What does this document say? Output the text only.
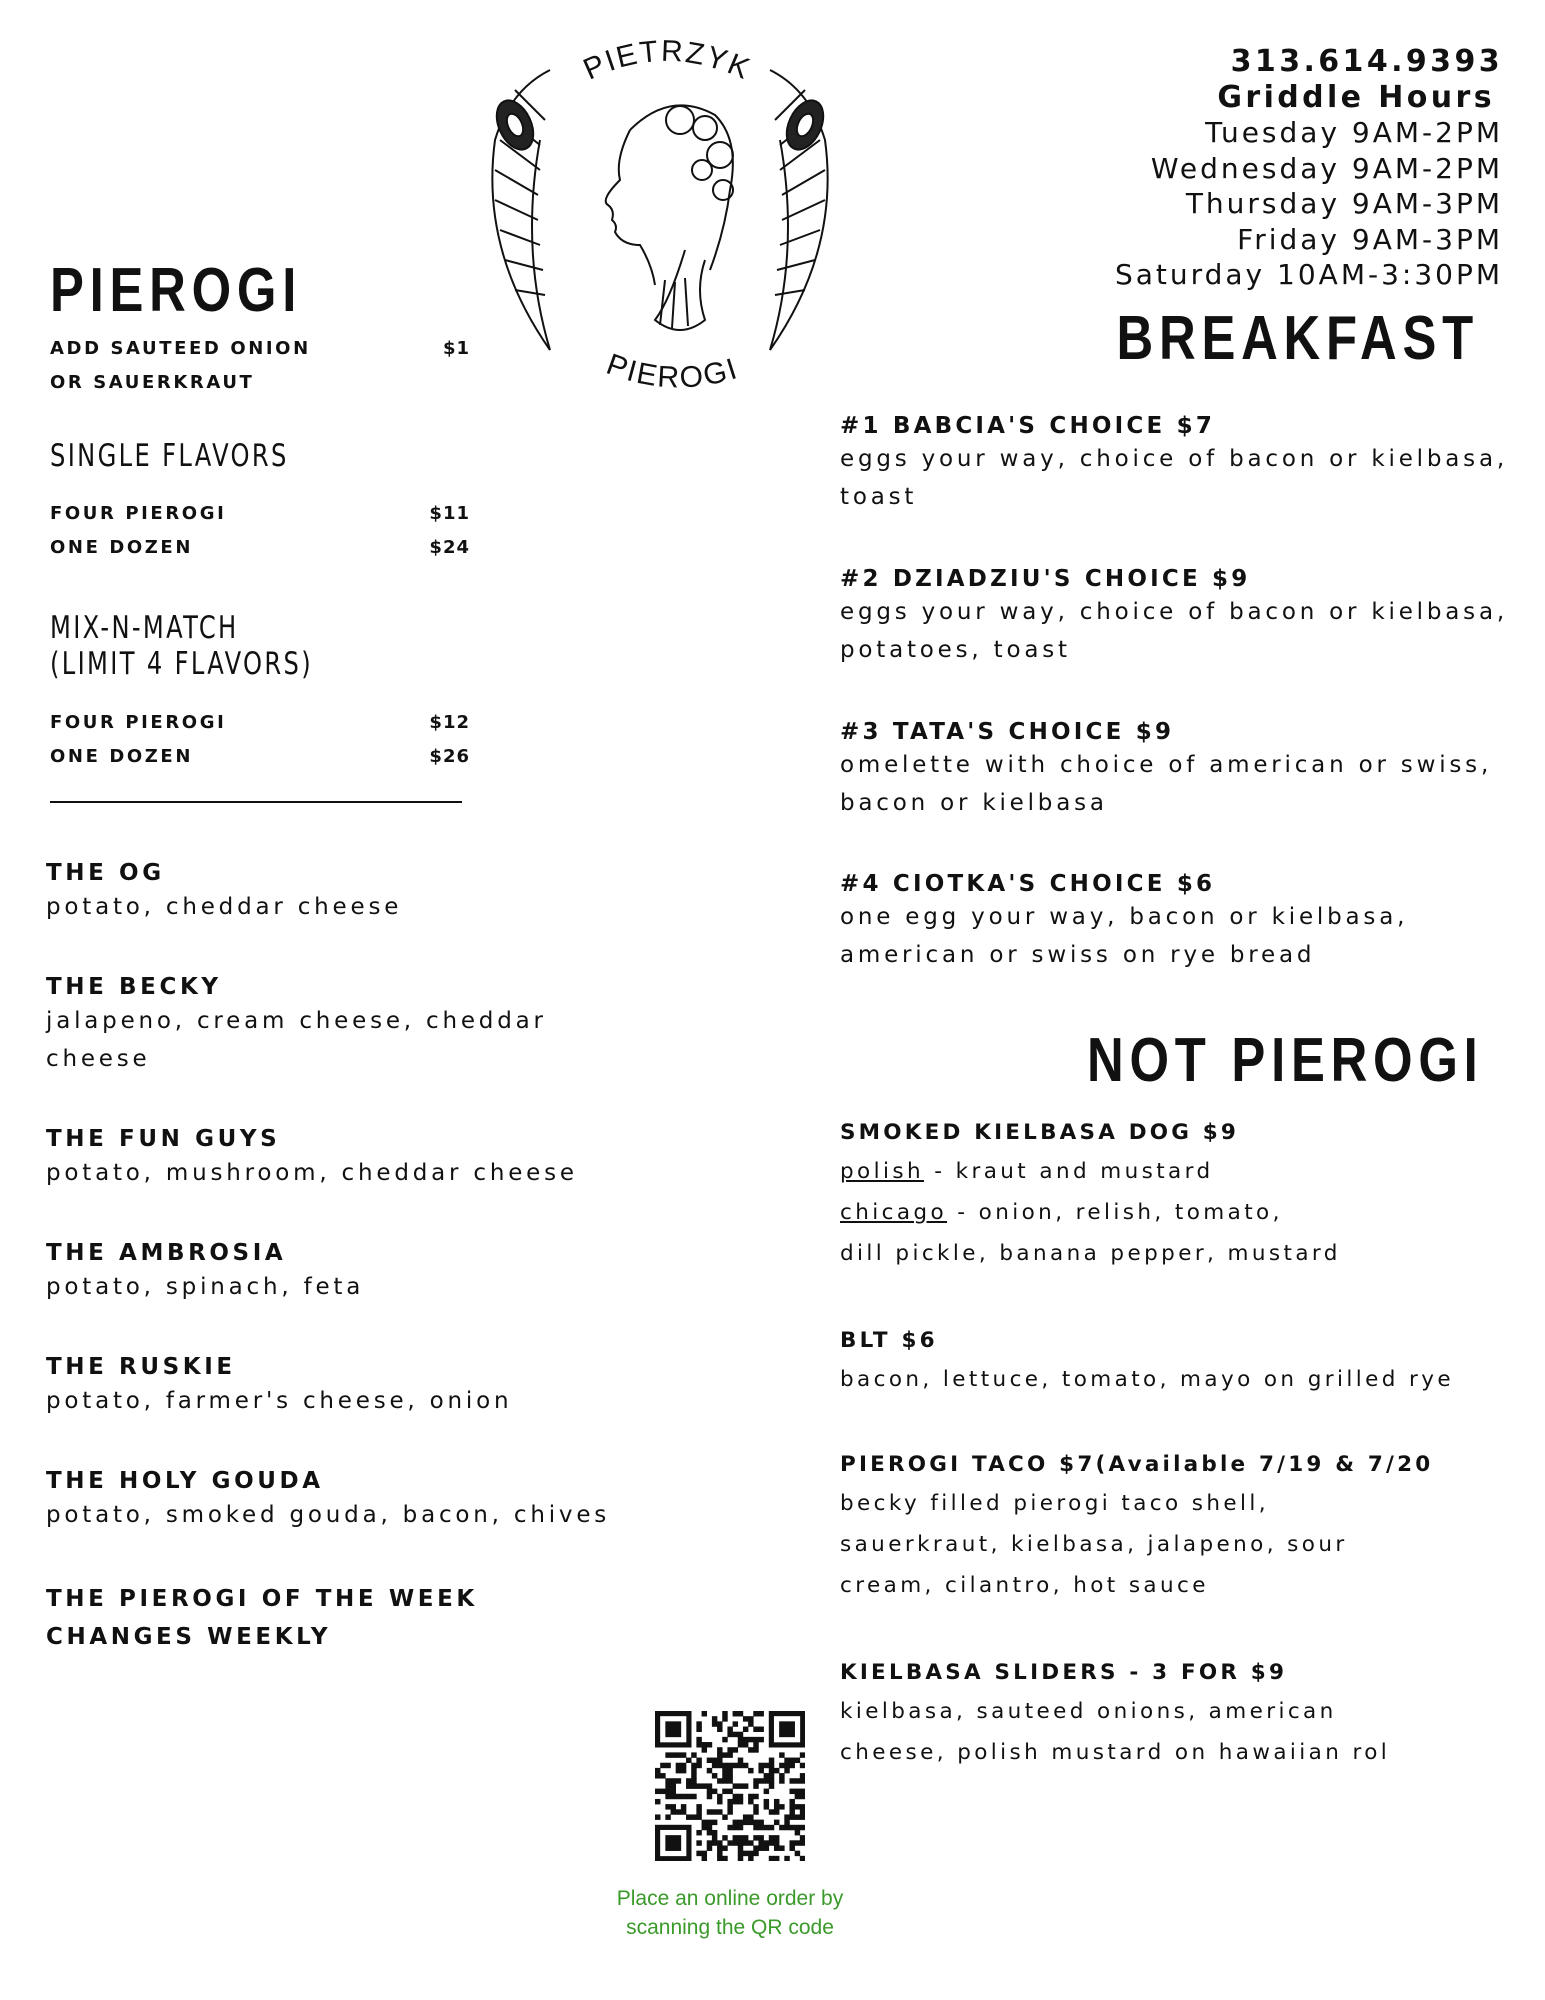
PIETRZYK
PIEROGI
313.614.9393
Griddle Hours
Tuesday 9AM-2PM
Wednesday 9AM-2PM
Thursday 9AM-3PM
Friday 9AM-3PM
Saturday 10AM-3:30PM
PIEROGI
ADD SAUTEED ONION	$1
OR SAUERKRAUT
SINGLE FLAVORS
FOUR PIEROGI	$11
ONE DOZEN	$24
MIX-N-MATCH
(LIMIT 4 FLAVORS)
FOUR PIEROGI	$12
ONE DOZEN	$26
THE OG
potato, cheddar cheese
THE BECKY
jalapeno, cream cheese, cheddar cheese
THE FUN GUYS
potato, mushroom, cheddar cheese
THE AMBROSIA
potato, spinach, feta
THE RUSKIE
potato, farmer's cheese, onion
THE HOLY GOUDA
potato, smoked gouda, bacon, chives
THE PIEROGI OF THE WEEK
CHANGES WEEKLY
BREAKFAST
#1 BABCIA'S CHOICE $7
eggs your way, choice of bacon or kielbasa, toast
#2 DZIADZIU'S CHOICE $9
eggs your way, choice of bacon or kielbasa, potatoes, toast
#3 TATA'S CHOICE $9
omelette with choice of american or swiss, bacon or kielbasa
#4 CIOTKA'S CHOICE $6
one egg your way, bacon or kielbasa, american or swiss on rye bread
NOT PIEROGI
SMOKED KIELBASA DOG $9
polish - kraut and mustard
chicago - onion, relish, tomato,
dill pickle, banana pepper, mustard
BLT $6
bacon, lettuce, tomato, mayo on grilled rye
PIEROGI TACO $7(Available 7/19 & 7/20
becky filled pierogi taco shell, sauerkraut, kielbasa, jalapeno, sour cream, cilantro, hot sauce
KIELBASA SLIDERS - 3 FOR $9
kielbasa, sauteed onions, american cheese, polish mustard on hawaiian rol
Place an online order by
scanning the QR code
